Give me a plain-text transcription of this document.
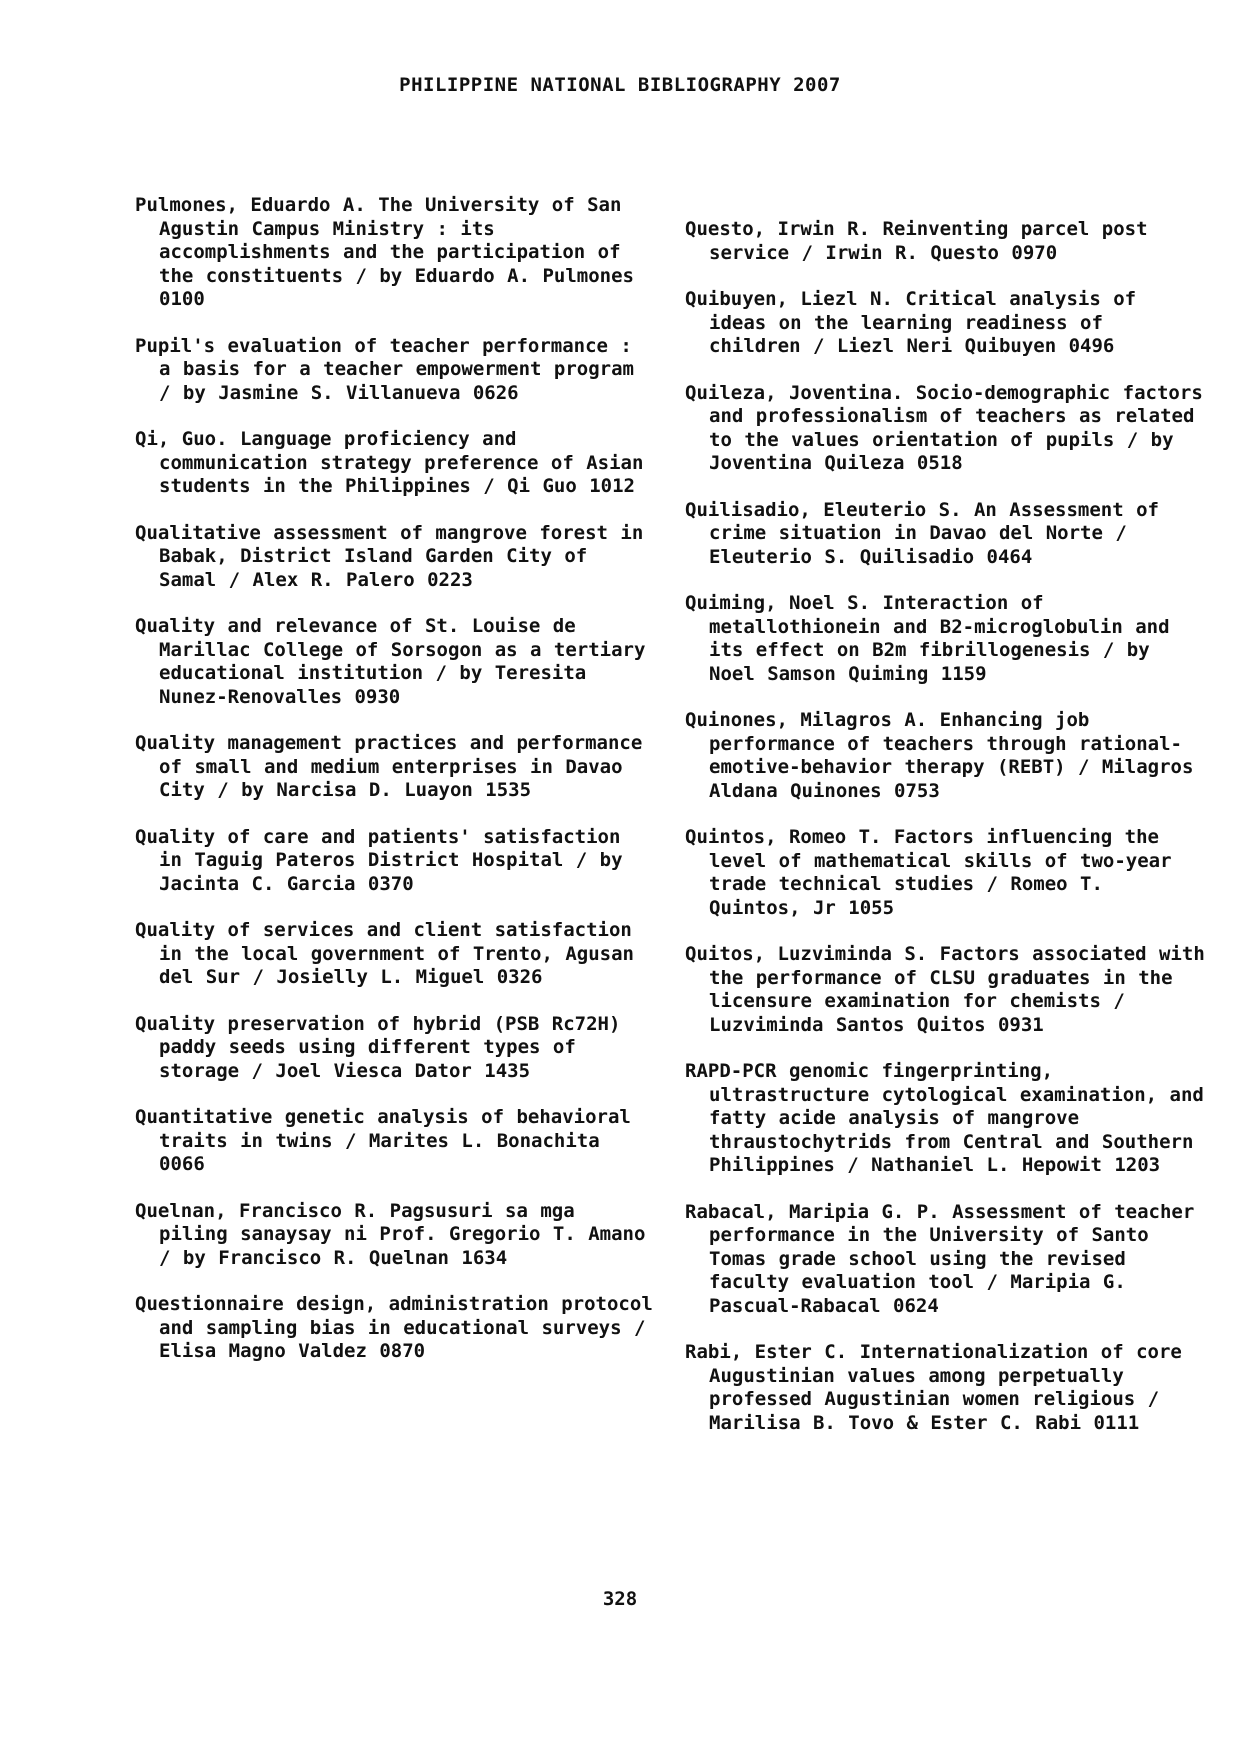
PHILIPPINE NATIONAL BIBLIOGRAPHY 2007

Pulmones, Eduardo A. The University of San Agustin Campus Ministry : its accomplishments and the participation of the constituents / by Eduardo A. Pulmones 0100

Pupil's evaluation of teacher performance : a basis for a teacher empowerment program / by Jasmine S. Villanueva 0626

Qi, Guo. Language proficiency and communication strategy preference of Asian students in the Philippines / Qi Guo 1012

Qualitative assessment of mangrove forest in Babak, District Island Garden City of Samal / Alex R. Palero 0223

Quality and relevance of St. Louise de Marillac College of Sorsogon as a tertiary educational institution / by Teresita Nunez-Renovalles 0930

Quality management practices and performance of small and medium enterprises in Davao City / by Narcisa D. Luayon 1535

Quality of care and patients' satisfaction in Taguig Pateros District Hospital / by Jacinta C. Garcia 0370

Quality of services and client satisfaction in the local government of Trento, Agusan del Sur / Josielly L. Miguel 0326

Quality preservation of hybrid (PSB Rc72H) paddy seeds using different types of storage / Joel Viesca Dator 1435

Quantitative genetic analysis of behavioral traits in twins / Marites L. Bonachita 0066

Quelnan, Francisco R. Pagsusuri sa mga piling sanaysay ni Prof. Gregorio T. Amano / by Francisco R. Quelnan 1634

Questionnaire design, administration protocol and sampling bias in educational surveys / Elisa Magno Valdez 0870

Questo, Irwin R. Reinventing parcel post service / Irwin R. Questo 0970

Quibuyen, Liezl N. Critical analysis of ideas on the learning readiness of children / Liezl Neri Quibuyen 0496

Quileza, Joventina. Socio-demographic factors and professionalism of teachers as related to the values orientation of pupils / by Joventina Quileza 0518

Quilisadio, Eleuterio S. An Assessment of crime situation in Davao del Norte / Eleuterio S. Quilisadio 0464

Quiming, Noel S. Interaction of metallothionein and B2-microglobulin and its effect on B2m fibrillogenesis / by Noel Samson Quiming 1159

Quinones, Milagros A. Enhancing job performance of teachers through rational-emotive-behavior therapy (REBT) / Milagros Aldana Quinones 0753

Quintos, Romeo T. Factors influencing the level of mathematical skills of two-year trade technical studies / Romeo T. Quintos, Jr 1055

Quitos, Luzviminda S. Factors associated with the performance of CLSU graduates in the licensure examination for chemists / Luzviminda Santos Quitos 0931

RAPD-PCR genomic fingerprinting, ultrastructure cytological examination, and fatty acide analysis of mangrove thraustochytrids from Central and Southern Philippines / Nathaniel L. Hepowit 1203

Rabacal, Maripia G. P. Assessment of teacher performance in the University of Santo Tomas grade school using the revised faculty evaluation tool / Maripia G. Pascual-Rabacal 0624

Rabi, Ester C. Internationalization of core Augustinian values among perpetually professed Augustinian women religious / Marilisa B. Tovo & Ester C. Rabi 0111

328
